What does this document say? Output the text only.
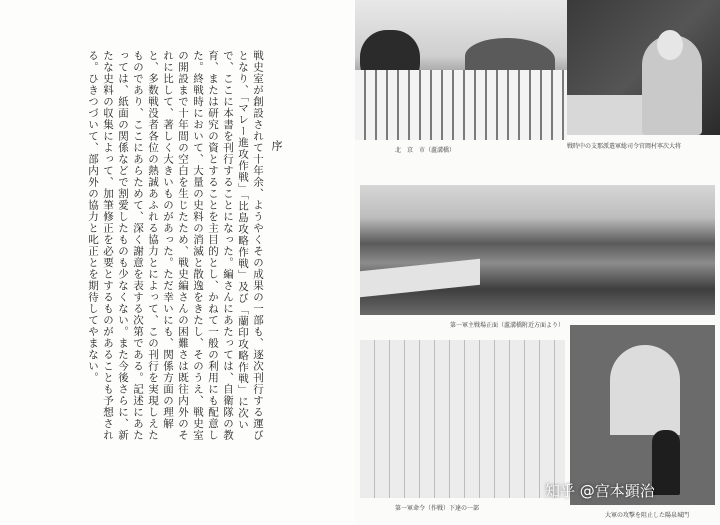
序
戦史室が創設されて十年余、ようやくその成果の一部も、逐次刊行する運びとなり、「マレー進攻作戦」「比島攻略作戦」及び「蘭印攻略作戦」に次いで、ここに本書を刊行することになった。編さんにあたっては、自衛隊の教育、または研究の資とすることを主目的とし、かねて一般の利用にも配意した。終戦時において、大量の史料の消滅と散逸をきたし、そのうえ、戦史室の開設まで十年間の空白を生じたため、戦史編さんの困難さは既往内外のそれに比して、著しく大きいものがあった。ただ幸いにも、関係方面の理解と、多数戦没者各位の熱誠あふれる協力とによって、この刊行を実現しえたものであり、ここにあらためて、深く謝意を表する次第である。記述にあたっては、紙面の関係などで割愛したものも少なくない。また今後さらに、新たな史料の収集によって、加筆修正を必要とするものがあることも予想される。ひきつづいて、部内外の協力と叱正とを期待してやまない。	北　京　市（蘆溝橋）
戦時中の支那派遣軍総司令官岡村寧次大将
第一軍主戦場正面（蘆溝橋附近方面より）
第一軍命令（作戦）下達の一部
大軍の攻撃を阻止した陽泉城門
知乎 @宫本顕治
